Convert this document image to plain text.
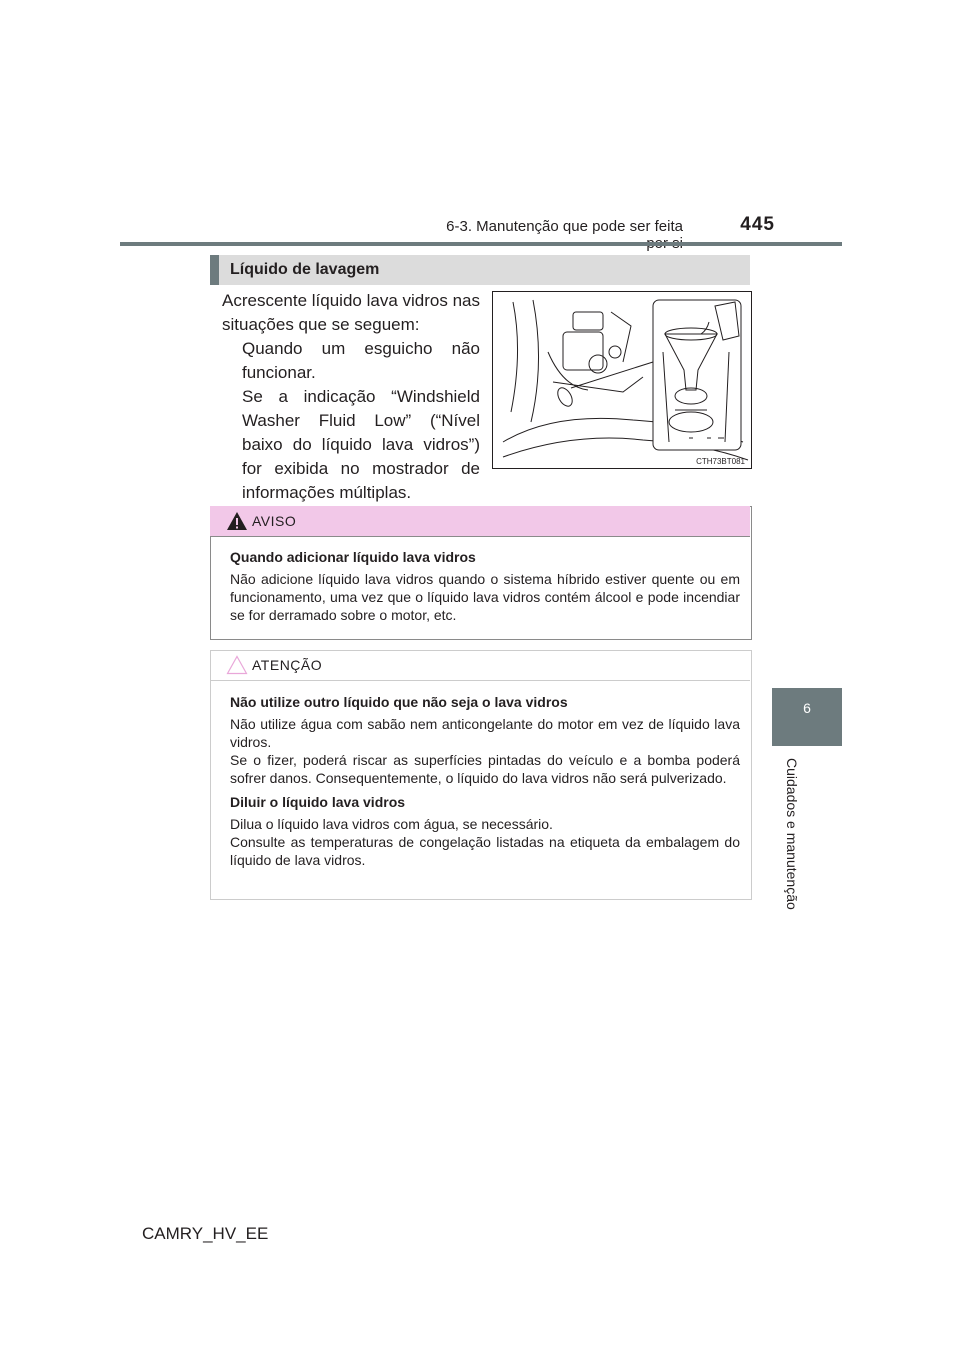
6-3. Manutenção que pode ser feita	445
6
Cuidados e manutenção
Líquido de lavagem

Acrescente líquido lava vidros nas situações que se seguem:

Quando um esguicho não funcionar.

Se a indicação “Windshield Washer Fluid Low” (“Nível baixo do líquido lava vidros”) for exibida no mostrador de informações múltiplas.

CTH73BT081
AVISO

Quando adicionar líquido lava vidros

Não adicione líquido lava vidros quando o sistema híbrido estiver quente ou em funcionamento, uma vez que o líquido lava vidros contém álcool e pode incendiar se for derramado sobre o motor, etc.

ATENÇÃO

Não utilize outro líquido que não seja o lava vidros

Não utilize água com sabão nem anticongelante do motor em vez de líquido lava vidros.

Se o fizer, poderá riscar as superfícies pintadas do veículo e a bomba poderá sofrer danos. Consequentemente, o líquido do lava vidros não será pulverizado.

Diluir o líquido lava vidros

Dilua o líquido lava vidros com água, se necessário.

Consulte as temperaturas de congelação listadas na etiqueta da embalagem do líquido de lava vidros.

CAMRY_HV_EE
